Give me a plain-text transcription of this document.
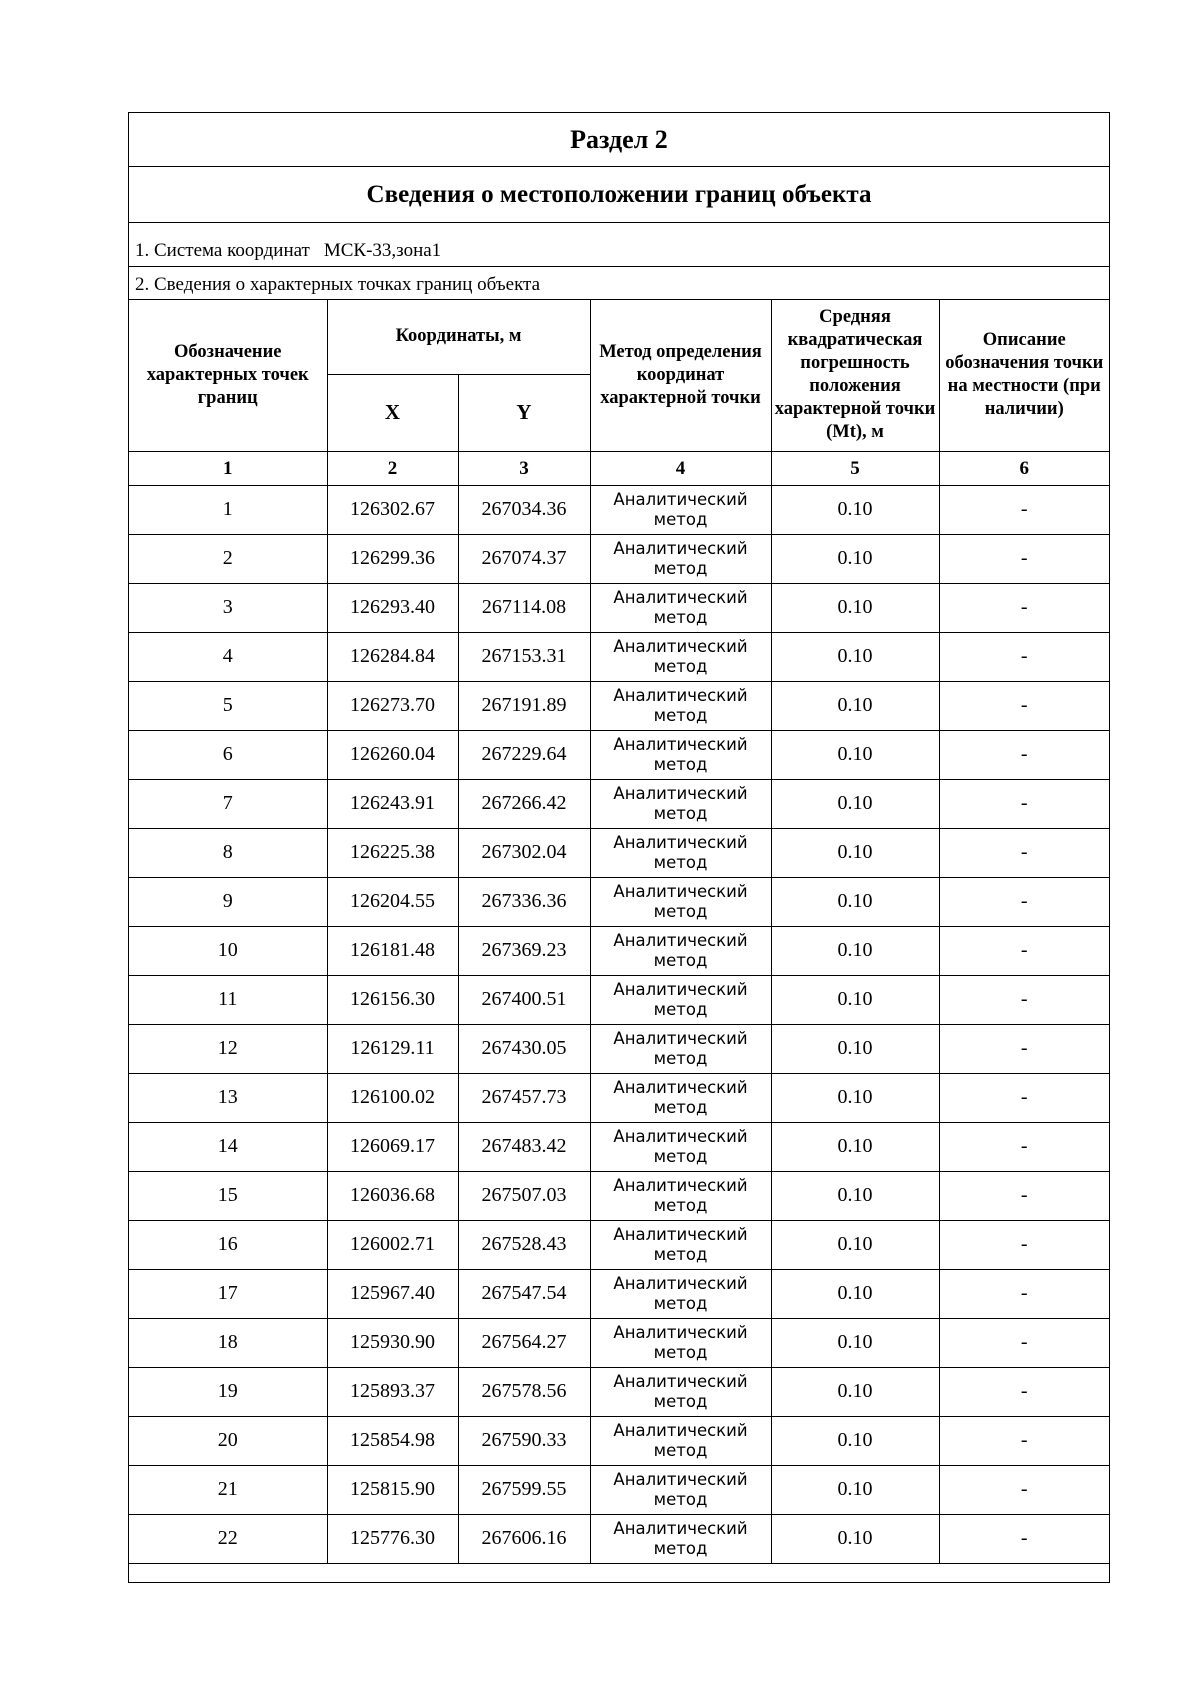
Раздел 2
Сведения о местоположении границ объекта
1. Система координат МСК-33,зона1
2. Сведения о характерных точках границ объекта
Обозначение характерных точек границ	Координаты, м		Метод определения координат характерной точки	Средняя квадратическая погрешность положения характерной точки (Mt), м	Описание обозначения точки на местности (при наличии)
	X	Y			
1	2	3	4	5	6
1	126302.67	267034.36	Аналитический метод	0.10	-
2	126299.36	267074.37	Аналитический метод	0.10	-
3	126293.40	267114.08	Аналитический метод	0.10	-
4	126284.84	267153.31	Аналитический метод	0.10	-
5	126273.70	267191.89	Аналитический метод	0.10	-
6	126260.04	267229.64	Аналитический метод	0.10	-
7	126243.91	267266.42	Аналитический метод	0.10	-
8	126225.38	267302.04	Аналитический метод	0.10	-
9	126204.55	267336.36	Аналитический метод	0.10	-
10	126181.48	267369.23	Аналитический метод	0.10	-
11	126156.30	267400.51	Аналитический метод	0.10	-
12	126129.11	267430.05	Аналитический метод	0.10	-
13	126100.02	267457.73	Аналитический метод	0.10	-
14	126069.17	267483.42	Аналитический метод	0.10	-
15	126036.68	267507.03	Аналитический метод	0.10	-
16	126002.71	267528.43	Аналитический метод	0.10	-
17	125967.40	267547.54	Аналитический метод	0.10	-
18	125930.90	267564.27	Аналитический метод	0.10	-
19	125893.37	267578.56	Аналитический метод	0.10	-
20	125854.98	267590.33	Аналитический метод	0.10	-
21	125815.90	267599.55	Аналитический метод	0.10	-
22	125776.30	267606.16	Аналитический метод	0.10	-
